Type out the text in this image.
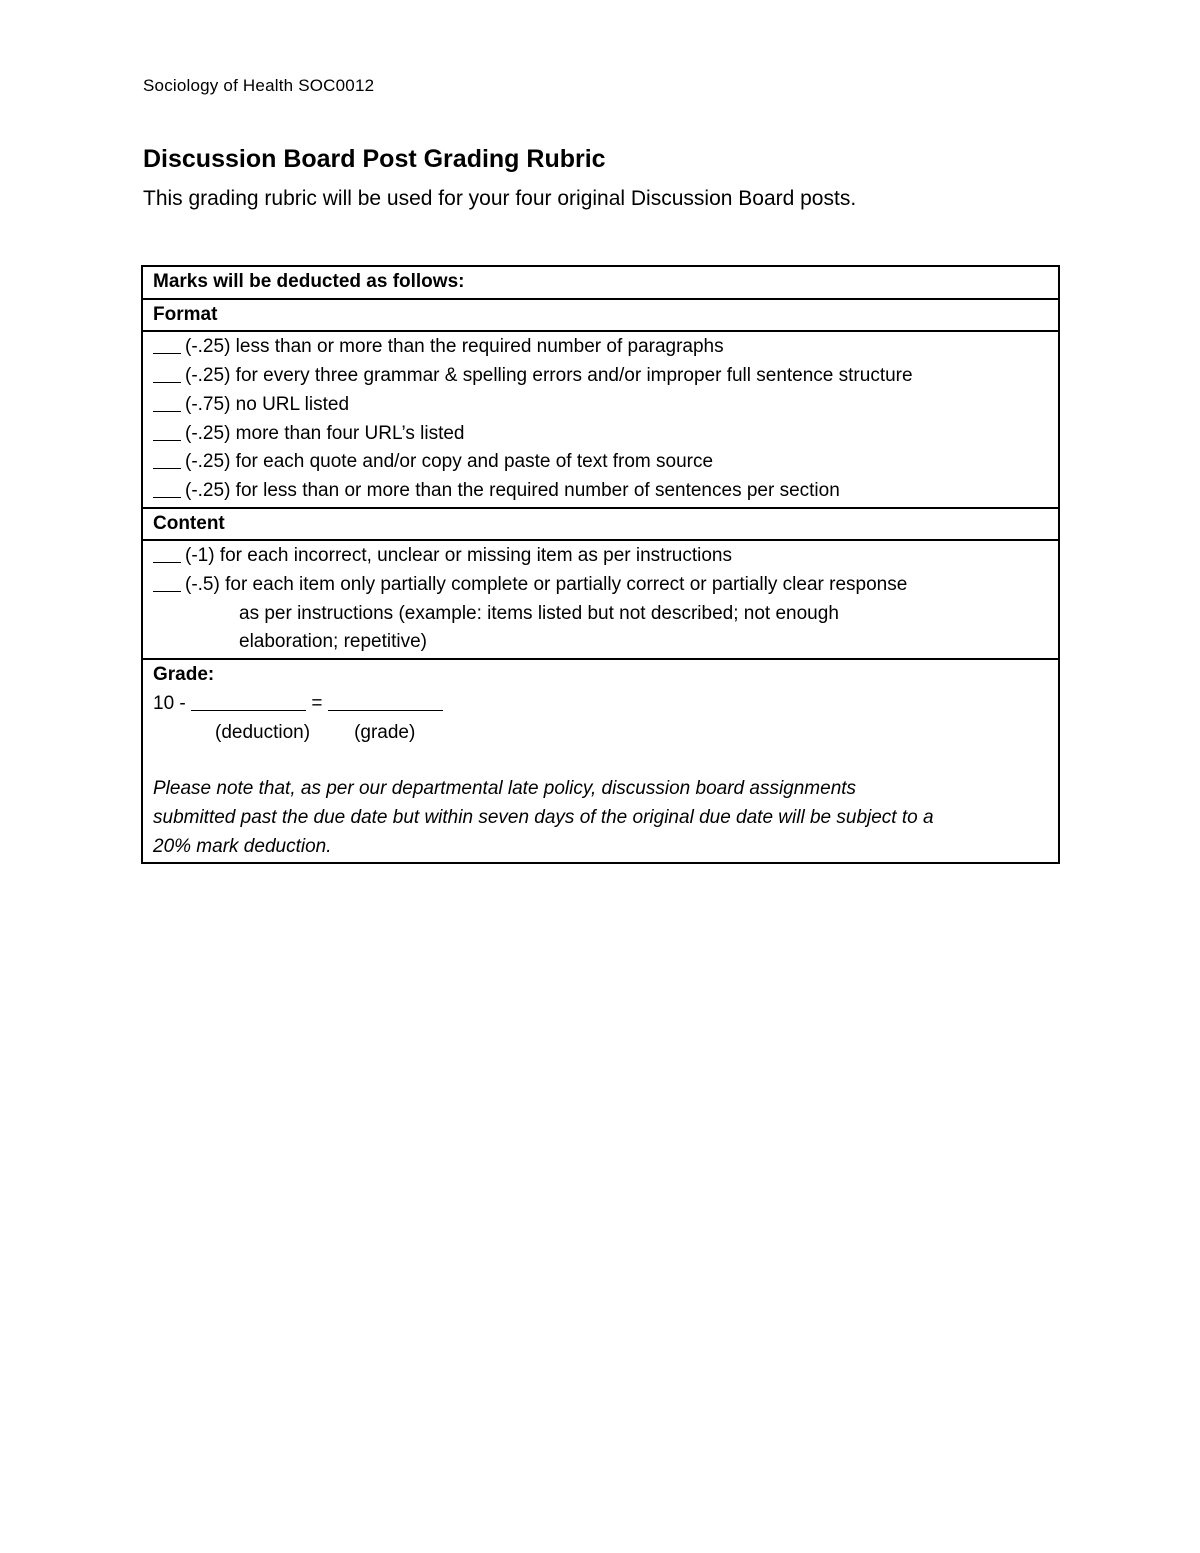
Sociology of Health SOC0012
Discussion Board Post Grading Rubric

This grading rubric will be used for your four original Discussion Board posts.

Marks will be deducted as follows:
Format

(-.25) less than or more than the required number of paragraphs
(-.25) for every three grammar & spelling errors and/or improper full sentence structure
(-.75) no URL listed
(-.25) more than four URL’s listed
(-.25) for each quote and/or copy and paste of text from source
(-.25) for less than or more than the required number of sentences per section

Content

(-1) for each incorrect, unclear or missing item as per instructions
(-.5) for each item only partially complete or partially correct or partially clear response
as per instructions (example: items listed but not described; not enough
elaboration; repetitive)

Grade:
10 -	=
(deduction) (grade)
Please note that, as per our departmental late policy, discussion board assignments
submitted past the due date but within seven days of the original due date will be subject to a
20% mark deduction.
